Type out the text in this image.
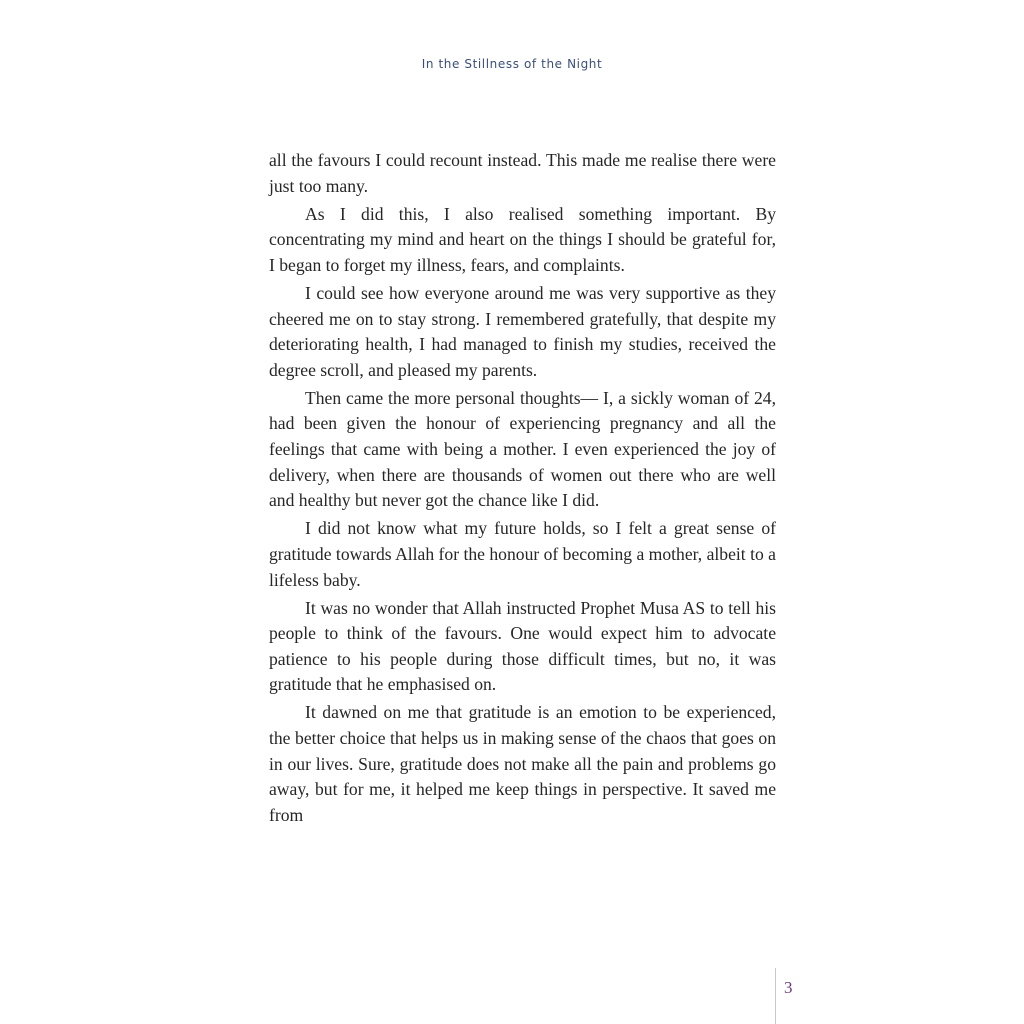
In the Stillness of the Night

all the favours I could recount instead. This made me realise there were just too many.

As I did this, I also realised something important. By concentrating my mind and heart on the things I should be grateful for, I began to forget my illness, fears, and complaints.

I could see how everyone around me was very supportive as they cheered me on to stay strong. I remembered gratefully, that despite my deteriorating health, I had managed to finish my studies, received the degree scroll, and pleased my parents.

Then came the more personal thoughts— I, a sickly woman of 24, had been given the honour of experiencing pregnancy and all the feelings that came with being a mother. I even experienced the joy of delivery, when there are thousands of women out there who are well and healthy but never got the chance like I did.

I did not know what my future holds, so I felt a great sense of gratitude towards Allah for the honour of becoming a mother, albeit to a lifeless baby.

It was no wonder that Allah instructed Prophet Musa AS to tell his people to think of the favours. One would expect him to advocate patience to his people during those difficult times, but no, it was gratitude that he emphasised on.

It dawned on me that gratitude is an emotion to be experienced, the better choice that helps us in making sense of the chaos that goes on in our lives. Sure, gratitude does not make all the pain and problems go away, but for me, it helped me keep things in perspective. It saved me from

3
